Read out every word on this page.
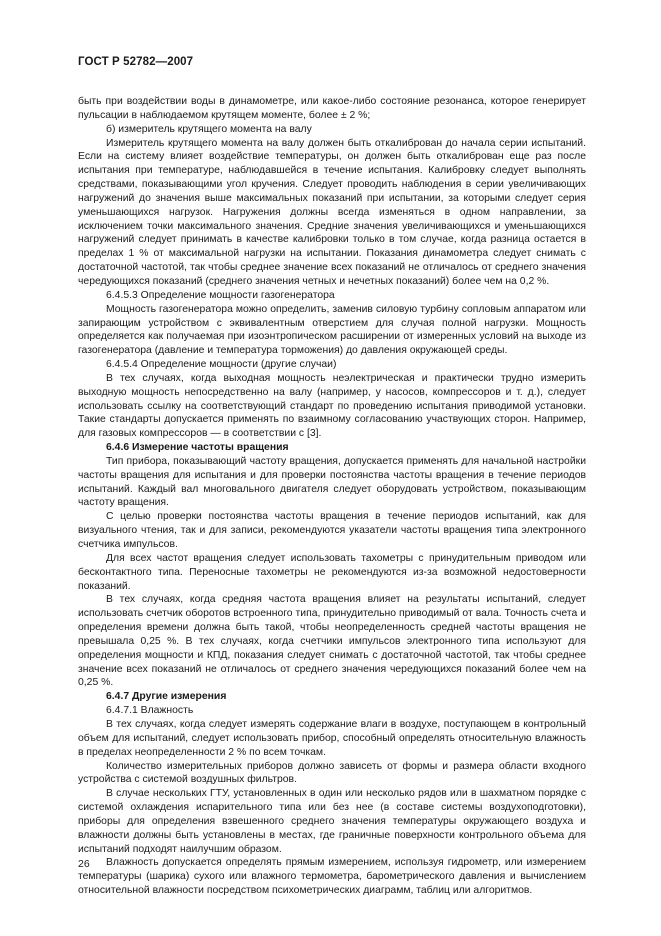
ГОСТ Р 52782—2007

быть при воздействии воды в динамометре, или какое-либо состояние резонанса, которое генерирует пульсации в наблюдаемом крутящем моменте, более ± 2 %;

б) измеритель крутящего момента на валу

Измеритель крутящего момента на валу должен быть откалиброван до начала серии испытаний. Если на систему влияет воздействие температуры, он должен быть откалиброван еще раз после испытания при температуре, наблюдавшейся в течение испытания. Калибровку следует выполнять средствами, показывающими угол кручения. Следует проводить наблюдения в серии увеличивающих нагружений до значения выше максимальных показаний при испытании, за которыми следует серия уменьшающихся нагрузок. Нагружения должны всегда изменяться в одном направлении, за исключением точки максимального значения. Средние значения увеличивающихся и уменьшающихся нагружений следует принимать в качестве калибровки только в том случае, когда разница остается в пределах 1 % от максимальной нагрузки на испытании. Показания динамометра следует снимать с достаточной частотой, так чтобы среднее значение всех показаний не отличалось от среднего значения чередующихся показаний (среднего значения четных и нечетных показаний) более чем на 0,2 %.

6.4.5.3 Определение мощности газогенератора

Мощность газогенератора можно определить, заменив силовую турбину сопловым аппаратом или запирающим устройством с эквивалентным отверстием для случая полной нагрузки. Мощность определяется как получаемая при изоэнтропическом расширении от измеренных условий на выходе из газогенератора (давление и температура торможения) до давления окружающей среды.

6.4.5.4 Определение мощности (другие случаи)

В тех случаях, когда выходная мощность неэлектрическая и практически трудно измерить выходную мощность непосредственно на валу (например, у насосов, компрессоров и т. д.), следует использовать ссылку на соответствующий стандарт по проведению испытания приводимой установки. Такие стандарты допускается применять по взаимному согласованию участвующих сторон. Например, для газовых компрессоров — в соответствии с [3].

6.4.6 Измерение частоты вращения

Тип прибора, показывающий частоту вращения, допускается применять для начальной настройки частоты вращения для испытания и для проверки постоянства частоты вращения в течение периодов испытаний. Каждый вал многовального двигателя следует оборудовать устройством, показывающим частоту вращения.

С целью проверки постоянства частоты вращения в течение периодов испытаний, как для визуального чтения, так и для записи, рекомендуются указатели частоты вращения типа электронного счетчика импульсов.

Для всех частот вращения следует использовать тахометры с принудительным приводом или бесконтактного типа. Переносные тахометры не рекомендуются из-за возможной недостоверности показаний.

В тех случаях, когда средняя частота вращения влияет на результаты испытаний, следует использовать счетчик оборотов встроенного типа, принудительно приводимый от вала. Точность счета и определения времени должна быть такой, чтобы неопределенность средней частоты вращения не превышала 0,25 %. В тех случаях, когда счетчики импульсов электронного типа используют для определения мощности и КПД, показания следует снимать с достаточной частотой, так чтобы среднее значение всех показаний не отличалось от среднего значения чередующихся показаний более чем на 0,25 %.

6.4.7 Другие измерения

6.4.7.1 Влажность

В тех случаях, когда следует измерять содержание влаги в воздухе, поступающем в контрольный объем для испытаний, следует использовать прибор, способный определять относительную влажность в пределах неопределенности 2 % по всем точкам.

Количество измерительных приборов должно зависеть от формы и размера области входного устройства с системой воздушных фильтров.

В случае нескольких ГТУ, установленных в один или несколько рядов или в шахматном порядке с системой охлаждения испарительного типа или без нее (в составе системы воздухоподготовки), приборы для определения взвешенного среднего значения температуры окружающего воздуха и влажности должны быть установлены в местах, где граничные поверхности контрольного объема для испытаний подходят наилучшим образом.

Влажность допускается определять прямым измерением, используя гидрометр, или измерением температуры (шарика) сухого или влажного термометра, барометрического давления и вычислением относительной влажности посредством психометрических диаграмм, таблиц или алгоритмов.

26
